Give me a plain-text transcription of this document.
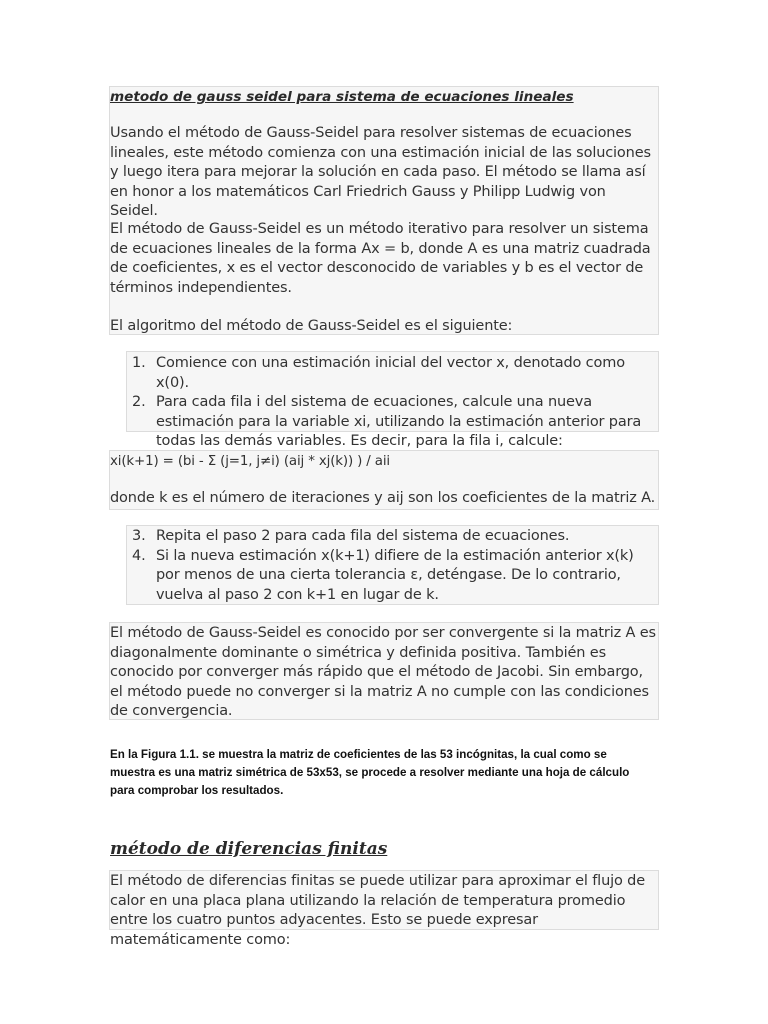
metodo de gauss seidel para sistema de ecuaciones lineales

Usando el método de Gauss-Seidel para resolver sistemas de ecuaciones lineales, este método comienza con una estimación inicial de las soluciones y luego itera para mejorar la solución en cada paso. El método se llama así en honor a los matemáticos Carl Friedrich Gauss y Philipp Ludwig von Seidel.

El método de Gauss-Seidel es un método iterativo para resolver un sistema de ecuaciones lineales de la forma Ax = b, donde A es una matriz cuadrada de coeficientes, x es el vector desconocido de variables y b es el vector de términos independientes.

El algoritmo del método de Gauss-Seidel es el siguiente:

1. Comience con una estimación inicial del vector x, denotado como x(0).
2. Para cada fila i del sistema de ecuaciones, calcule una nueva estimación para la variable xi, utilizando la estimación anterior para todas las demás variables. Es decir, para la fila i, calcule:

xi(k+1) = (bi - Σ (j=1, j≠i) (aij * xj(k)) ) / aii

donde k es el número de iteraciones y aij son los coeficientes de la matriz A.

3. Repita el paso 2 para cada fila del sistema de ecuaciones.
4. Si la nueva estimación x(k+1) difiere de la estimación anterior x(k) por menos de una cierta tolerancia ε, deténgase. De lo contrario, vuelva al paso 2 con k+1 en lugar de k.

El método de Gauss-Seidel es conocido por ser convergente si la matriz A es diagonalmente dominante o simétrica y definida positiva. También es conocido por converger más rápido que el método de Jacobi. Sin embargo, el método puede no converger si la matriz A no cumple con las condiciones de convergencia.

En la Figura 1.1. se muestra la matriz de coeficientes de las 53 incógnitas, la cual como se muestra es una matriz simétrica de 53x53, se procede a resolver mediante una hoja de cálculo para comprobar los resultados.

método de diferencias finitas

El método de diferencias finitas se puede utilizar para aproximar el flujo de calor en una placa plana utilizando la relación de temperatura promedio entre los cuatro puntos adyacentes. Esto se puede expresar matemáticamente como:
